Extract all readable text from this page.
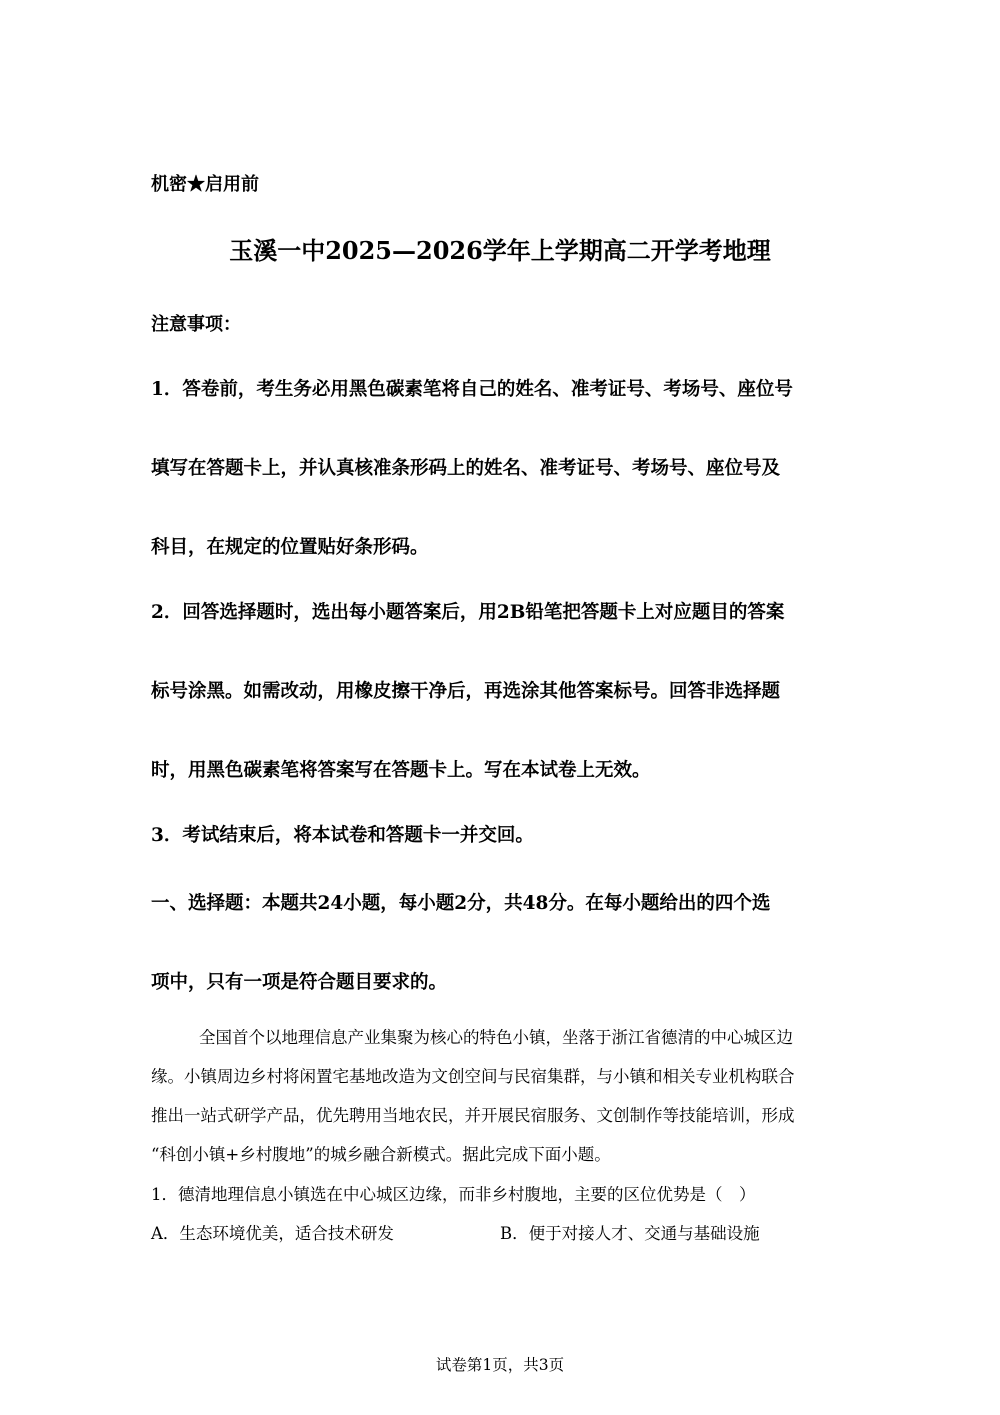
机密★启用前
玉溪一中2025—2026学年上学期高二开学考地理
注意事项：
1．答卷前，考生务必用黑色碳素笔将自己的姓名、准考证号、考场号、座位号
填写在答题卡上，并认真核准条形码上的姓名、准考证号、考场号、座位号及
科目，在规定的位置贴好条形码。
2．回答选择题时，选出每小题答案后，用2B铅笔把答题卡上对应题目的答案
标号涂黑。如需改动，用橡皮擦干净后，再选涂其他答案标号。回答非选择题
时，用黑色碳素笔将答案写在答题卡上。写在本试卷上无效。
3．考试结束后，将本试卷和答题卡一并交回。
一、选择题：本题共24小题，每小题2分，共48分。在每小题给出的四个选
项中，只有一项是符合题目要求的。
全国首个以地理信息产业集聚为核心的特色小镇，坐落于浙江省德清的中心城区边
缘。小镇周边乡村将闲置宅基地改造为文创空间与民宿集群，与小镇和相关专业机构联合
推出一站式研学产品，优先聘用当地农民，并开展民宿服务、文创制作等技能培训，形成
“科创小镇+乡村腹地”的城乡融合新模式。据此完成下面小题。
1．德清地理信息小镇选在中心城区边缘，而非乡村腹地，主要的区位优势是（　）
A．生态环境优美，适合技术研发	B．便于对接人才、交通与基础设施
试卷第1页，共3页
